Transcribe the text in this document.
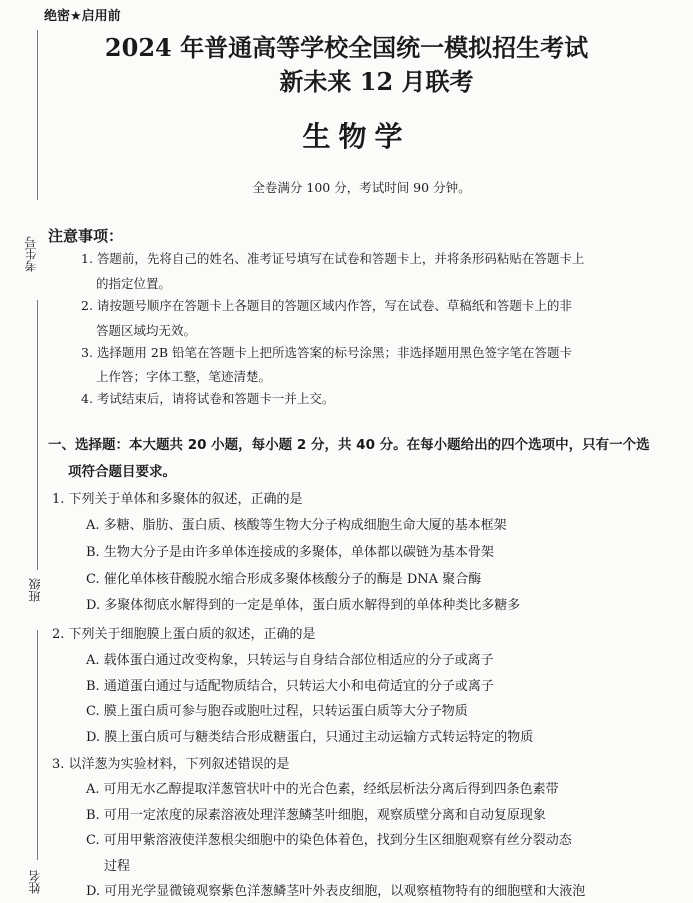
考生号
班级
姓名
绝密★启用前
2024 年普通高等学校全国统一模拟招生考试
新未来 12 月联考
生物学
全卷满分 100 分，考试时间 90 分钟。
注意事项：
1. 答题前，先将自己的姓名、准考证号填写在试卷和答题卡上，并将条形码粘贴在答题卡上
的指定位置。
2. 请按题号顺序在答题卡上各题目的答题区域内作答，写在试卷、草稿纸和答题卡上的非
答题区域均无效。
3. 选择题用 2B 铅笔在答题卡上把所选答案的标号涂黑；非选择题用黑色签字笔在答题卡
上作答；字体工整，笔迹清楚。
4. 考试结束后，请将试卷和答题卡一并上交。
一、选择题：本大题共 20 小题，每小题 2 分，共 40 分。在每小题给出的四个选项中，只有一个选
项符合题目要求。
1. 下列关于单体和多聚体的叙述，正确的是
A. 多糖、脂肪、蛋白质、核酸等生物大分子构成细胞生命大厦的基本框架
B. 生物大分子是由许多单体连接成的多聚体，单体都以碳链为基本骨架
C. 催化单体核苷酸脱水缩合形成多聚体核酸分子的酶是 DNA 聚合酶
D. 多聚体彻底水解得到的一定是单体，蛋白质水解得到的单体种类比多糖多
2. 下列关于细胞膜上蛋白质的叙述，正确的是
A. 载体蛋白通过改变构象，只转运与自身结合部位相适应的分子或离子
B. 通道蛋白通过与适配物质结合，只转运大小和电荷适宜的分子或离子
C. 膜上蛋白质可参与胞吞或胞吐过程，只转运蛋白质等大分子物质
D. 膜上蛋白质可与糖类结合形成糖蛋白，只通过主动运输方式转运特定的物质
3. 以洋葱为实验材料，下列叙述错误的是
A. 可用无水乙醇提取洋葱管状叶中的光合色素，经纸层析法分离后得到四条色素带
B. 可用一定浓度的尿素溶液处理洋葱鳞茎叶细胞，观察质壁分离和自动复原现象
C. 可用甲紫溶液使洋葱根尖细胞中的染色体着色，找到分生区细胞观察有丝分裂动态
过程
D. 可用光学显微镜观察紫色洋葱鳞茎叶外表皮细胞，以观察植物特有的细胞壁和大液泡
